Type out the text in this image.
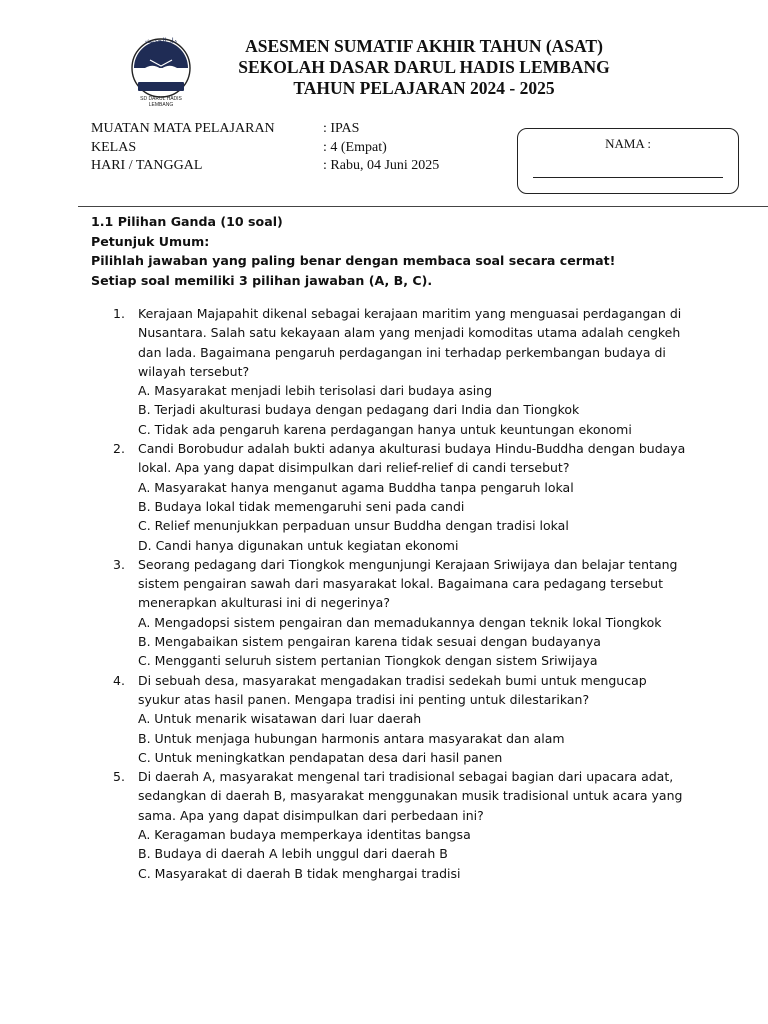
دار الحديث
SD DARUL HADIS
LEMBANG
ASESMEN SUMATIF AKHIR TAHUN (ASAT)
SEKOLAH DASAR DARUL HADIS LEMBANG
TAHUN PELAJARAN 2024 - 2025
MUATAN MATA PELAJARAN	: IPAS
KELAS	: 4 (Empat)
HARI / TANGGAL	: Rabu, 04 Juni 2025
NAMA :
1.1 Pilihan Ganda (10 soal)
Petunjuk Umum:
Pilihlah jawaban yang paling benar dengan membaca soal secara cermat!
Setiap soal memiliki 3 pilihan jawaban (A, B, C).
1. Kerajaan Majapahit dikenal sebagai kerajaan maritim yang menguasai perdagangan di Nusantara. Salah satu kekayaan alam yang menjadi komoditas utama adalah cengkeh dan lada. Bagaimana pengaruh perdagangan ini terhadap perkembangan budaya di wilayah tersebut?
A. Masyarakat menjadi lebih terisolasi dari budaya asing
B. Terjadi akulturasi budaya dengan pedagang dari India dan Tiongkok
C. Tidak ada pengaruh karena perdagangan hanya untuk keuntungan ekonomi
2. Candi Borobudur adalah bukti adanya akulturasi budaya Hindu-Buddha dengan budaya lokal. Apa yang dapat disimpulkan dari relief-relief di candi tersebut?
A. Masyarakat hanya menganut agama Buddha tanpa pengaruh lokal
B. Budaya lokal tidak memengaruhi seni pada candi
C. Relief menunjukkan perpaduan unsur Buddha dengan tradisi lokal
D. Candi hanya digunakan untuk kegiatan ekonomi
3. Seorang pedagang dari Tiongkok mengunjungi Kerajaan Sriwijaya dan belajar tentang sistem pengairan sawah dari masyarakat lokal. Bagaimana cara pedagang tersebut menerapkan akulturasi ini di negerinya?
A. Mengadopsi sistem pengairan dan memadukannya dengan teknik lokal Tiongkok
B. Mengabaikan sistem pengairan karena tidak sesuai dengan budayanya
C. Mengganti seluruh sistem pertanian Tiongkok dengan sistem Sriwijaya
4. Di sebuah desa, masyarakat mengadakan tradisi sedekah bumi untuk mengucap syukur atas hasil panen. Mengapa tradisi ini penting untuk dilestarikan?
A. Untuk menarik wisatawan dari luar daerah
B. Untuk menjaga hubungan harmonis antara masyarakat dan alam
C. Untuk meningkatkan pendapatan desa dari hasil panen
5. Di daerah A, masyarakat mengenal tari tradisional sebagai bagian dari upacara adat, sedangkan di daerah B, masyarakat menggunakan musik tradisional untuk acara yang sama. Apa yang dapat disimpulkan dari perbedaan ini?
A. Keragaman budaya memperkaya identitas bangsa
B. Budaya di daerah A lebih unggul dari daerah B
C. Masyarakat di daerah B tidak menghargai tradisi
